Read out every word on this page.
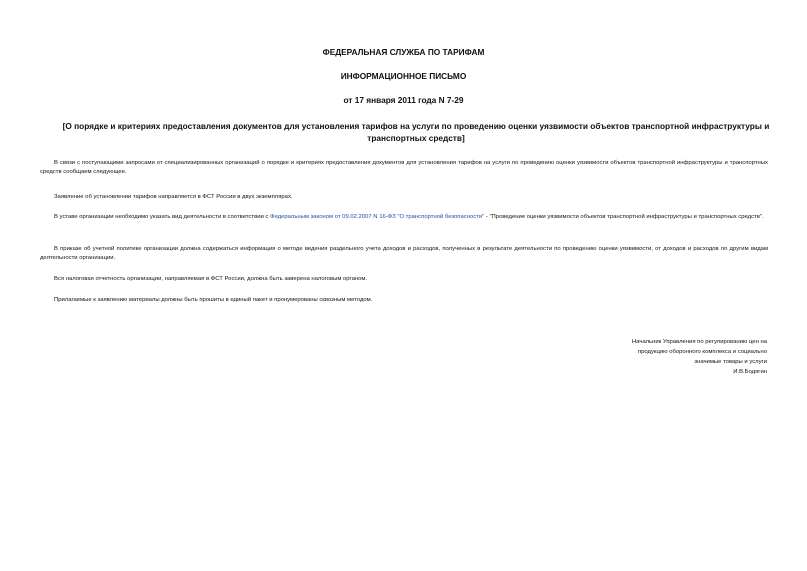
ФЕДЕРАЛЬНАЯ СЛУЖБА ПО ТАРИФАМ
ИНФОРМАЦИОННОЕ ПИСЬМО
от 17 января 2011 года N 7-29
[О порядке и критериях предоставления документов для установления тарифов на услуги по проведению оценки уязвимости объектов транспортной инфраструктуры и транспортных средств]

В связи с поступающими запросами от специализированных организаций о порядке и критериях предоставления документов для установления тарифов на услуги по проведению оценки уязвимости объектов транспортной инфраструктуры и транспортных средств сообщаем следующее.

Заявление об установлении тарифов направляется в ФСТ России в двух экземплярах.

В уставе организации необходимо указать вид деятельности в соответствии с Федеральным законом от 09.02.2007 N 16-ФЗ "О транспортной безопасности" - "Проведение оценки уязвимости объектов транспортной инфраструктуры и транспортных средств".

В приказе об учетной политике организации должна содержаться информация о методе ведения раздельного учета доходов и расходов, полученных в результате деятельности по проведению оценки уязвимости, от доходов и расходов по другим видам деятельности организации.

Вся налоговая отчетность организации, направляемая в ФСТ России, должна быть заверена налоговым органом.

Прилагаемые к заявлению материалы должны быть прошиты в единый пакет и пронумерованы сквозным методом.

Начальник Управления по регулированию цен на
продукцию оборонного комплекса и социально
значимые товары и услуги
И.В.Бодягин
